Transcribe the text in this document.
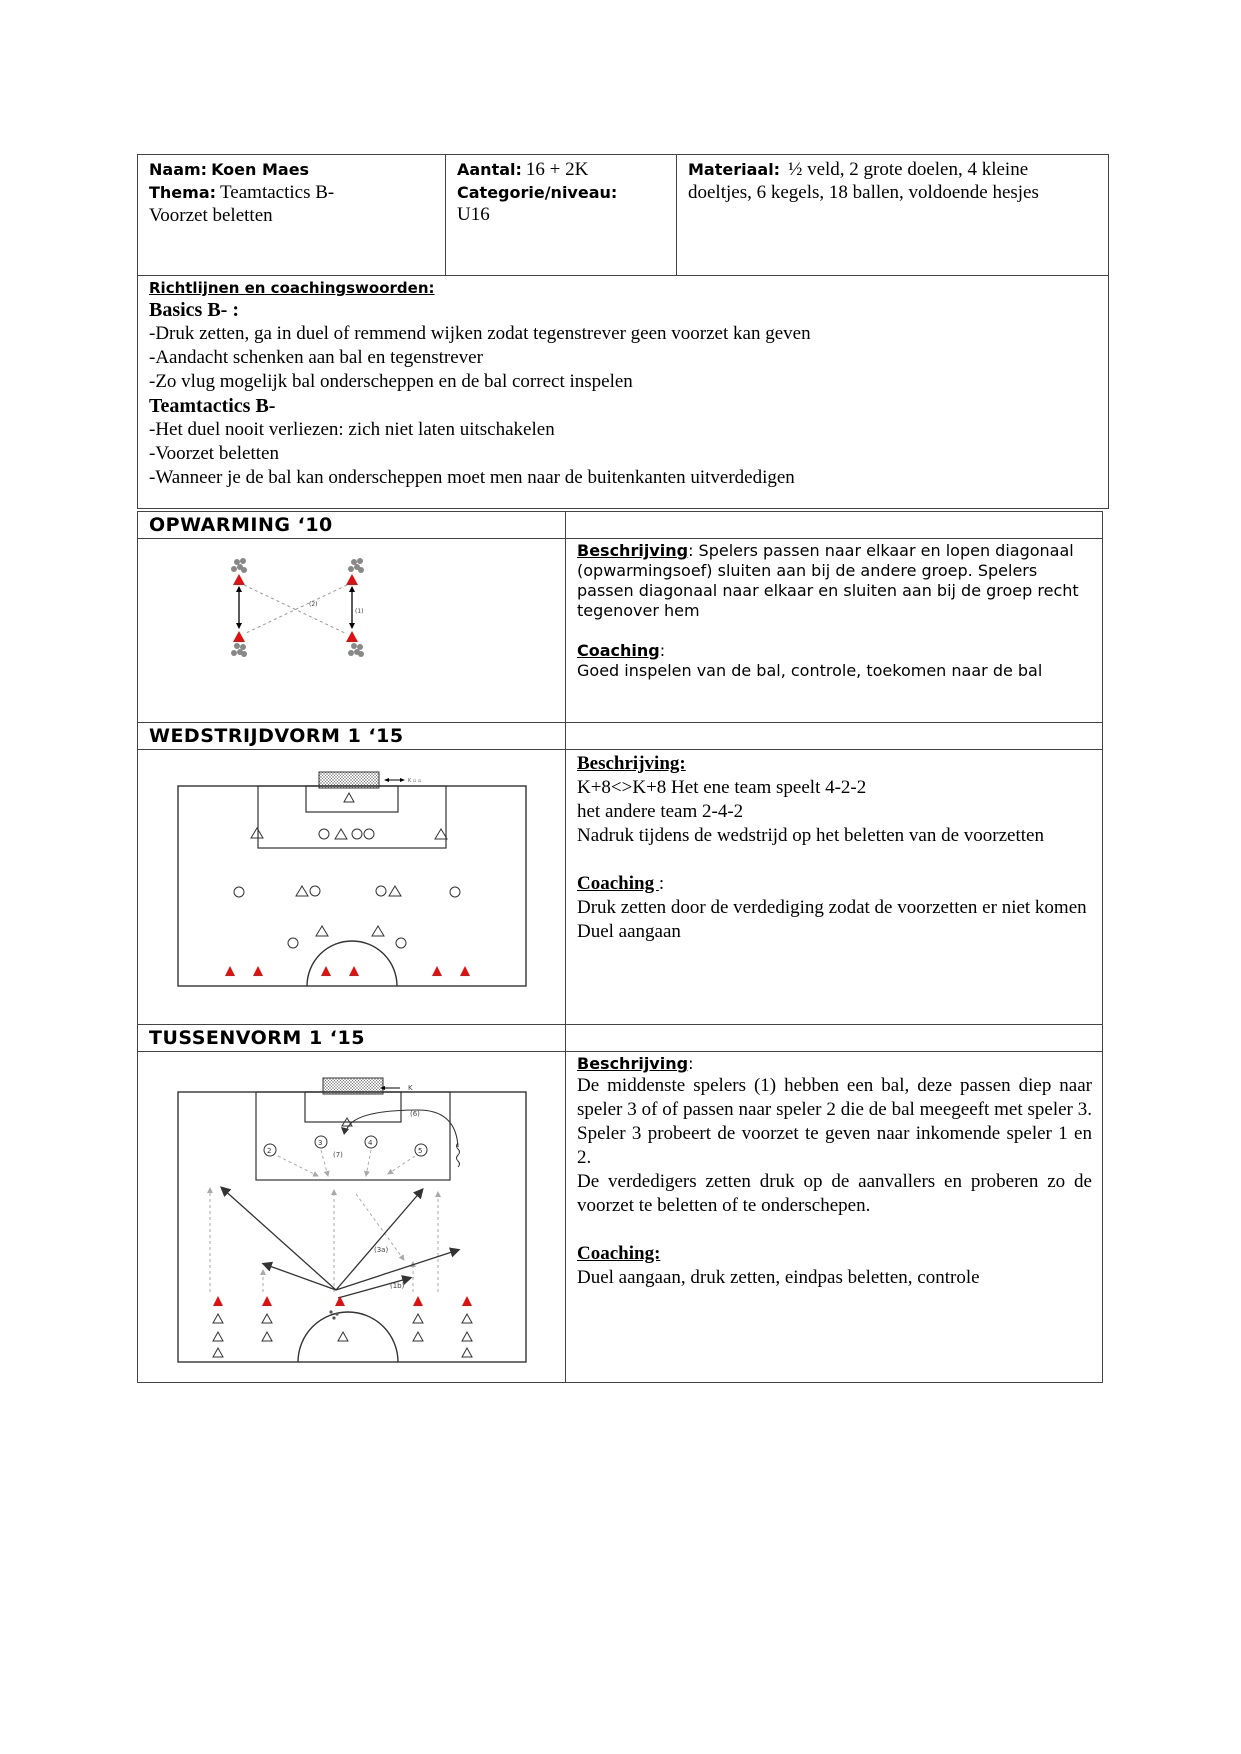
Naam: Koen Maes
Thema: Teamtactics B-
Voorzet beletten
Aantal: 16 + 2K
Categorie/niveau:
U16
Materiaal: ½ veld, 2 grote doelen, 4 kleine
doeltjes, 6 kegels, 18 ballen, voldoende hesjes
Richtlijnen en coachingswoorden:
Basics B- :
-Druk zetten, ga in duel of remmend wijken zodat tegenstrever geen voorzet kan geven
-Aandacht schenken aan bal en tegenstrever
-Zo vlug mogelijk bal onderscheppen en de bal correct inspelen
Teamtactics B-
-Het duel nooit verliezen: zich niet laten uitschakelen
-Voorzet beletten
-Wanneer je de bal kan onderscheppen moet men naar de buitenkanten uitverdedigen
OPWARMING ‘10
(2)
(1)
Beschrijving: Spelers passen naar elkaar en lopen diagonaal (opwarmingsoef) sluiten aan bij de andere groep. Spelers passen diagonaal naar elkaar en sluiten aan bij de groep recht tegenover hem
Coaching:
Goed inspelen van de bal, controle, toekomen naar de bal
WEDSTRIJDVORM 1 ‘15
K ▫ ▫
Beschrijving:
K+8<>K+8 Het ene team speelt 4-2-2
het andere team 2-4-2
Nadruk tijdens de wedstrijd op het beletten van de voorzetten
Coaching :
Druk zetten door de verdediging zodat de voorzetten er niet komen
Duel aangaan
TUSSENVORM 1 ‘15
K
(6)
(7)
(3a)
(1b)
2
3	4
5
Beschrijving:
De middenste spelers (1) hebben een bal, deze passen diep naar speler 3 of of passen naar speler 2 die de bal meegeeft met speler 3. Speler 3 probeert de voorzet te geven naar inkomende speler 1 en 2.
De verdedigers zetten druk op de aanvallers en proberen zo de voorzet te beletten of te onderschepen.
Coaching:
Duel aangaan, druk zetten, eindpas beletten, controle
